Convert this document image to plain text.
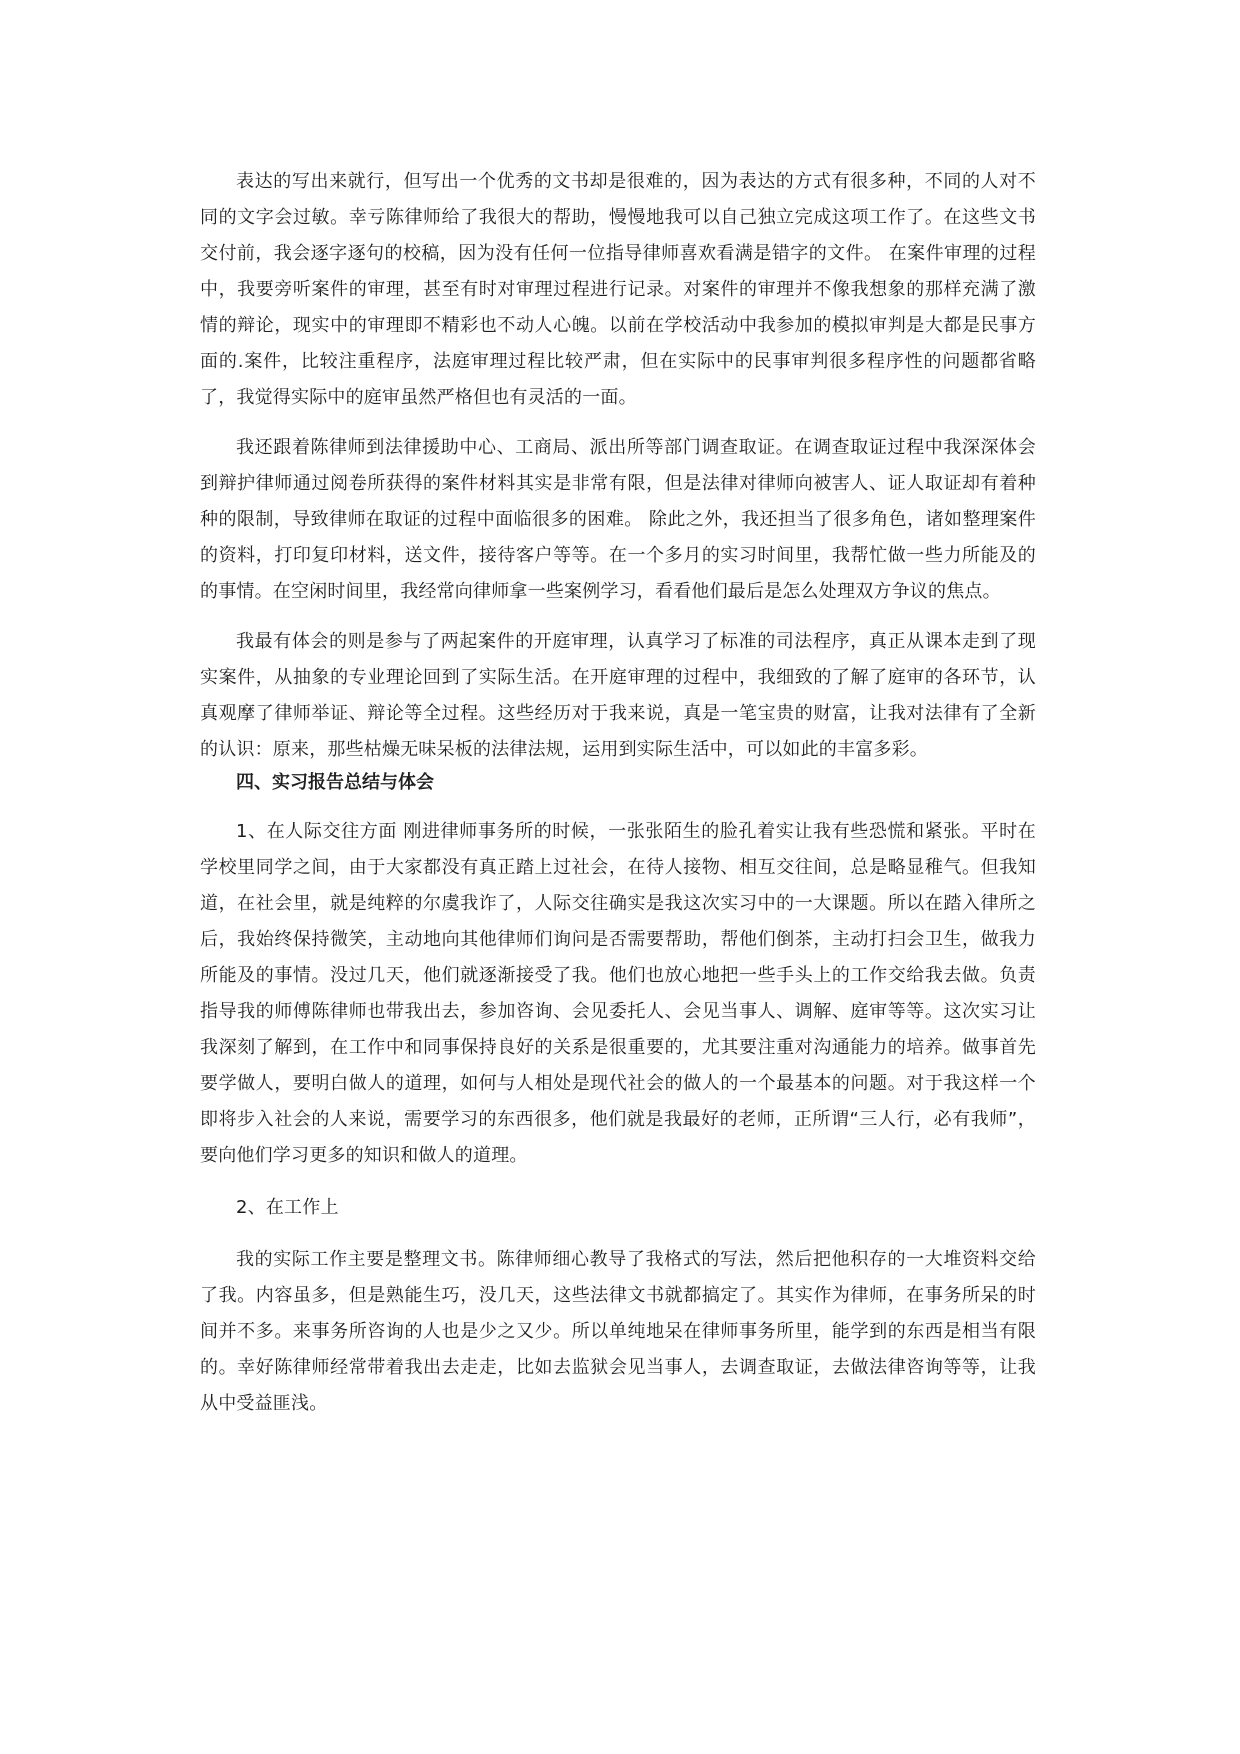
表达的写出来就行，但写出一个优秀的文书却是很难的，因为表达的方式有很多种，不同的人对不同的文字会过敏。幸亏陈律师给了我很大的帮助，慢慢地我可以自己独立完成这项工作了。在这些文书交付前，我会逐字逐句的校稿，因为没有任何一位指导律师喜欢看满是错字的文件。 在案件审理的过程中，我要旁听案件的审理，甚至有时对审理过程进行记录。对案件的审理并不像我想象的那样充满了激情的辩论，现实中的审理即不精彩也不动人心魄。以前在学校活动中我参加的模拟审判是大都是民事方面的.案件，比较注重程序，法庭审理过程比较严肃，但在实际中的民事审判很多程序性的问题都省略了，我觉得实际中的庭审虽然严格但也有灵活的一面。

我还跟着陈律师到法律援助中心、工商局、派出所等部门调查取证。在调查取证过程中我深深体会到辩护律师通过阅卷所获得的案件材料其实是非常有限，但是法律对律师向被害人、证人取证却有着种种的限制，导致律师在取证的过程中面临很多的困难。 除此之外，我还担当了很多角色，诸如整理案件的资料，打印复印材料，送文件，接待客户等等。在一个多月的实习时间里，我帮忙做一些力所能及的的事情。在空闲时间里，我经常向律师拿一些案例学习，看看他们最后是怎么处理双方争议的焦点。

我最有体会的则是参与了两起案件的开庭审理，认真学习了标准的司法程序，真正从课本走到了现实案件，从抽象的专业理论回到了实际生活。在开庭审理的过程中，我细致的了解了庭审的各环节，认真观摩了律师举证、辩论等全过程。这些经历对于我来说，真是一笔宝贵的财富，让我对法律有了全新的认识：原来，那些枯燥无味呆板的法律法规，运用到实际生活中，可以如此的丰富多彩。

四、实习报告总结与体会

1、在人际交往方面 刚进律师事务所的时候，一张张陌生的脸孔着实让我有些恐慌和紧张。平时在学校里同学之间，由于大家都没有真正踏上过社会，在待人接物、相互交往间，总是略显稚气。但我知道，在社会里，就是纯粹的尔虞我诈了，人际交往确实是我这次实习中的一大课题。所以在踏入律所之后，我始终保持微笑，主动地向其他律师们询问是否需要帮助，帮他们倒茶，主动打扫会卫生，做我力所能及的事情。没过几天，他们就逐渐接受了我。他们也放心地把一些手头上的工作交给我去做。负责指导我的师傅陈律师也带我出去，参加咨询、会见委托人、会见当事人、调解、庭审等等。这次实习让我深刻了解到，在工作中和同事保持良好的关系是很重要的，尤其要注重对沟通能力的培养。做事首先要学做人，要明白做人的道理，如何与人相处是现代社会的做人的一个最基本的问题。对于我这样一个即将步入社会的人来说，需要学习的东西很多，他们就是我最好的老师，正所谓“三人行，必有我师”，要向他们学习更多的知识和做人的道理。

2、在工作上

我的实际工作主要是整理文书。陈律师细心教导了我格式的写法，然后把他积存的一大堆资料交给了我。内容虽多，但是熟能生巧，没几天，这些法律文书就都搞定了。其实作为律师，在事务所呆的时间并不多。来事务所咨询的人也是少之又少。所以单纯地呆在律师事务所里，能学到的东西是相当有限的。幸好陈律师经常带着我出去走走，比如去监狱会见当事人，去调查取证，去做法律咨询等等，让我从中受益匪浅。
